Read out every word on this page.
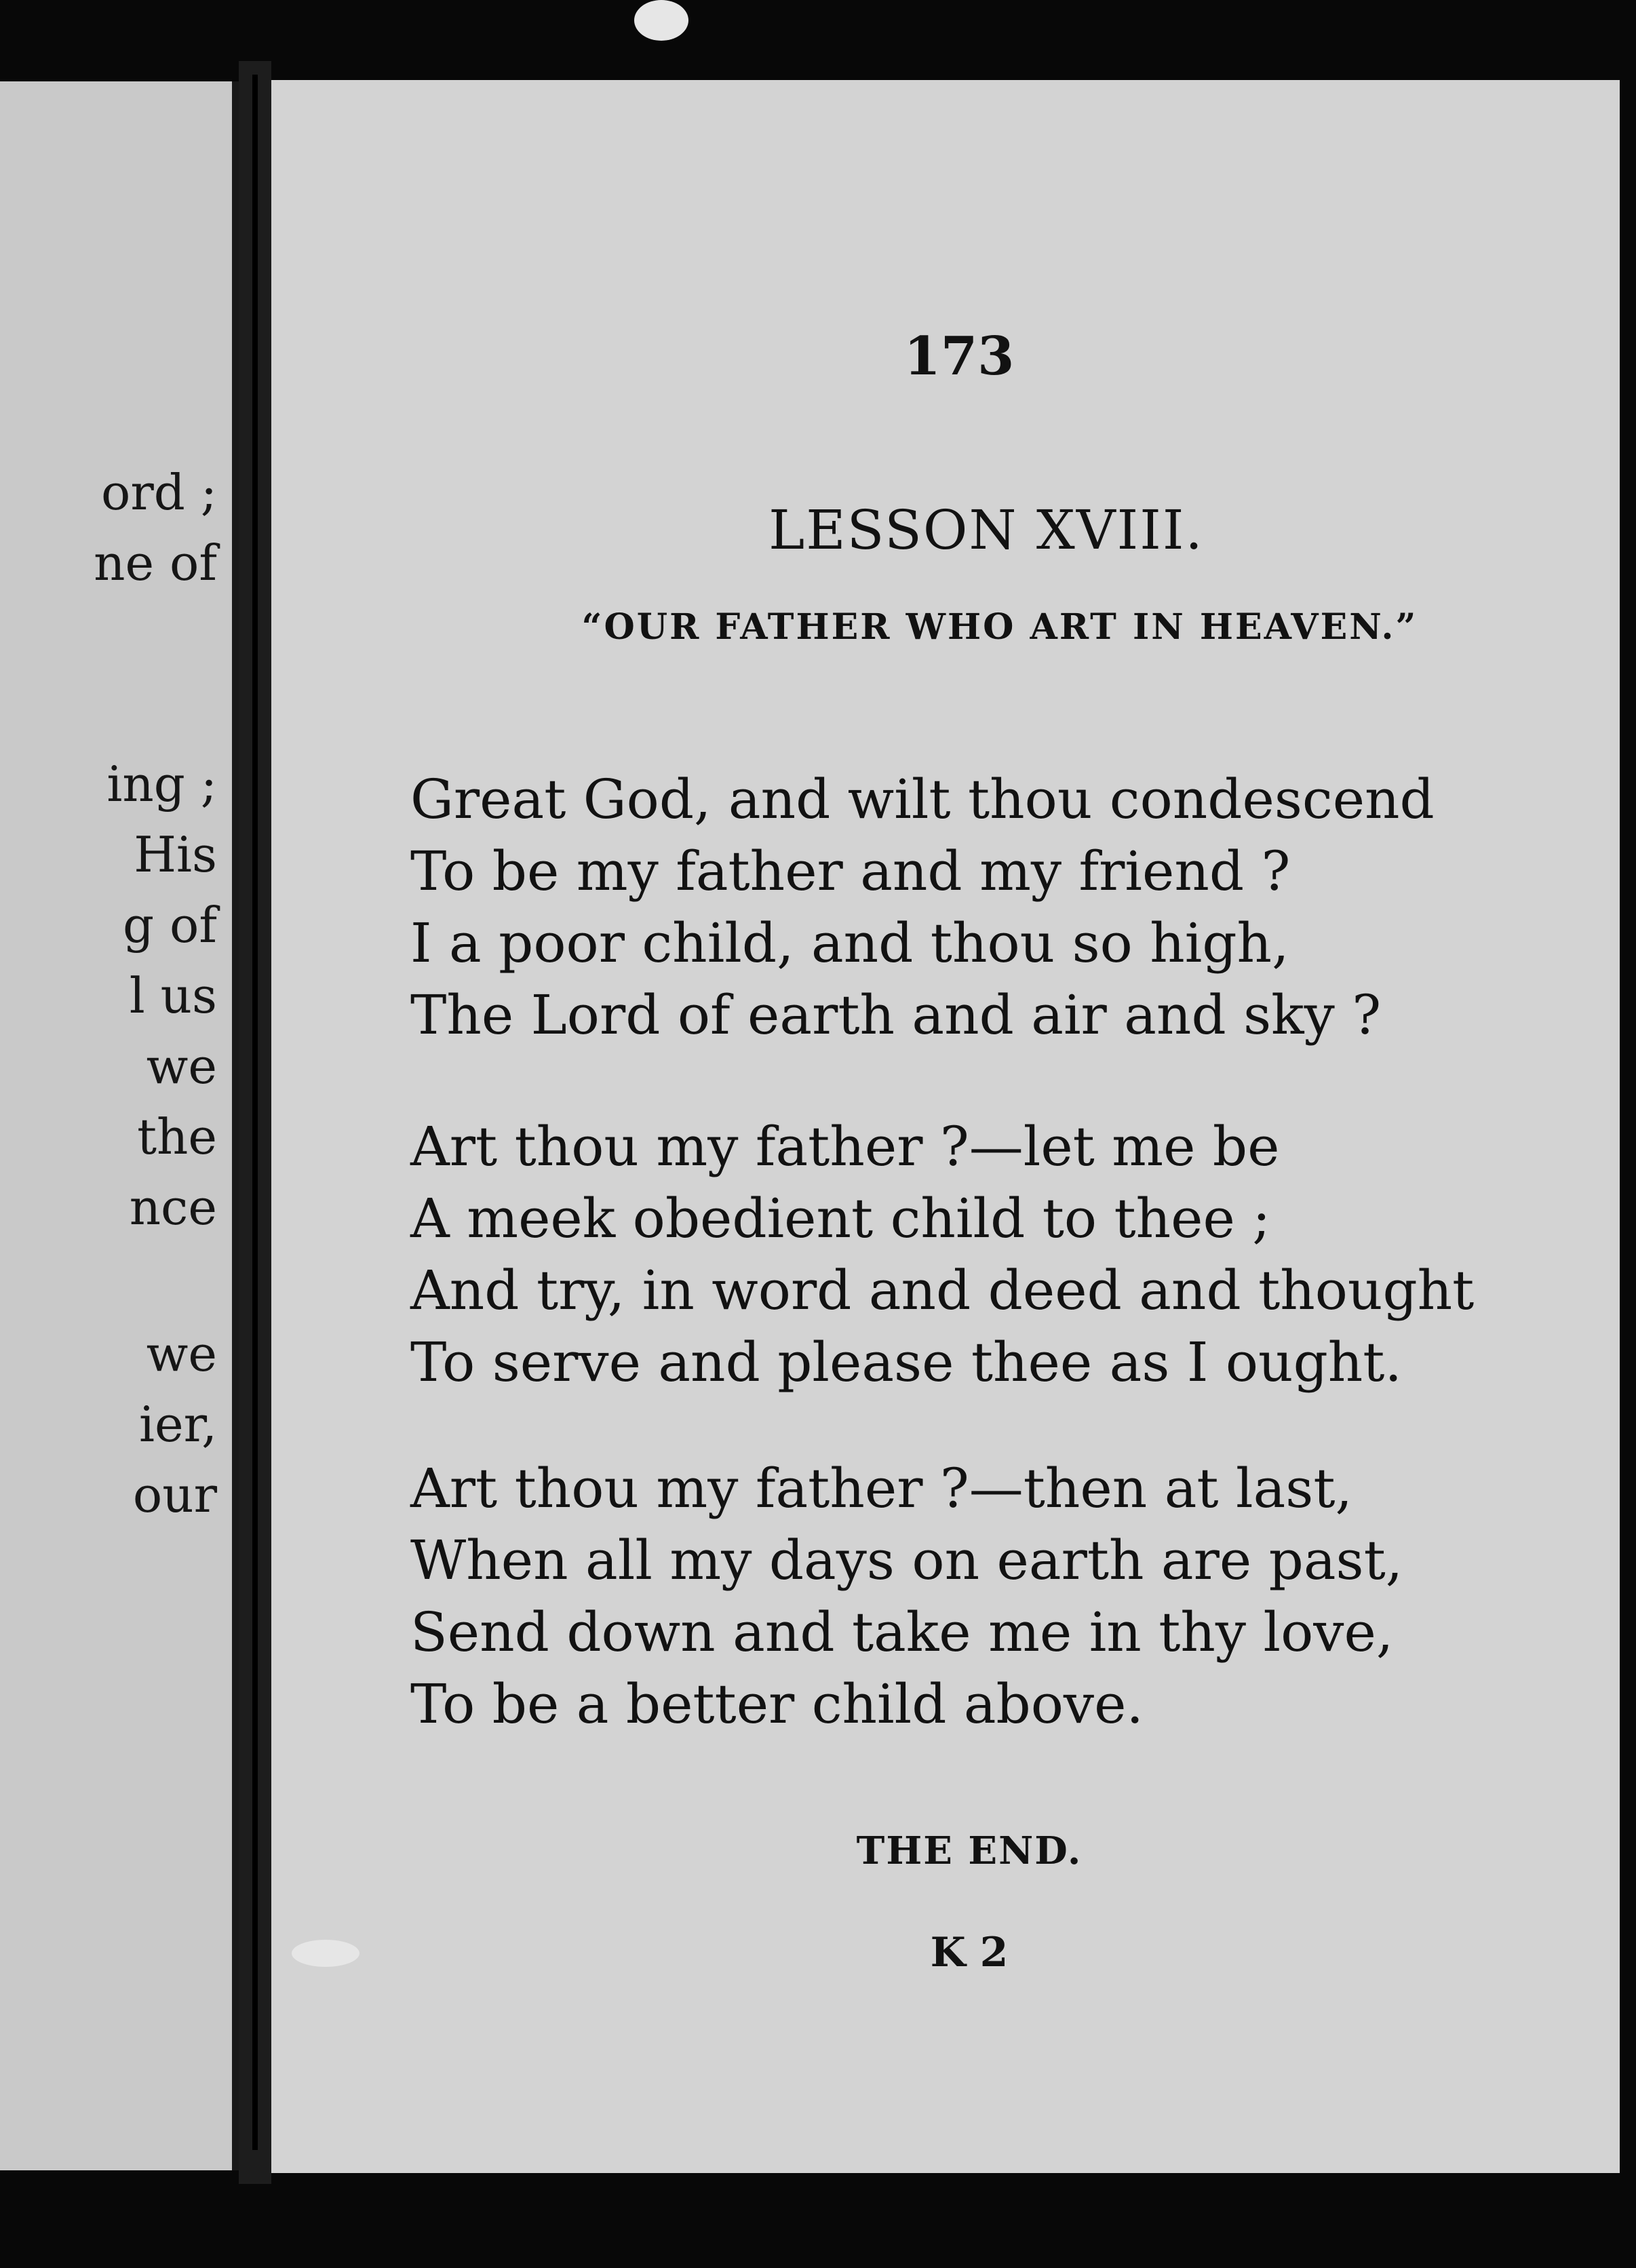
ord ;
ne of
ing ;
His
g of
l us
we
the
nce
we
ier,
our
173
LESSON XVIII.
“OUR FATHER WHO ART IN HEAVEN.”
Great God, and wilt thou condescend
To be my father and my friend ?
I a poor child, and thou so high,
The Lord of earth and air and sky ?
Art thou my father ?—let me be
A meek obedient child to thee ;
And try, in word and deed and thought
To serve and please thee as I ought.
Art thou my father ?—then at last,
When all my days on earth are past,
Send down and take me in thy love,
To be a better child above.
THE END.
K 2
